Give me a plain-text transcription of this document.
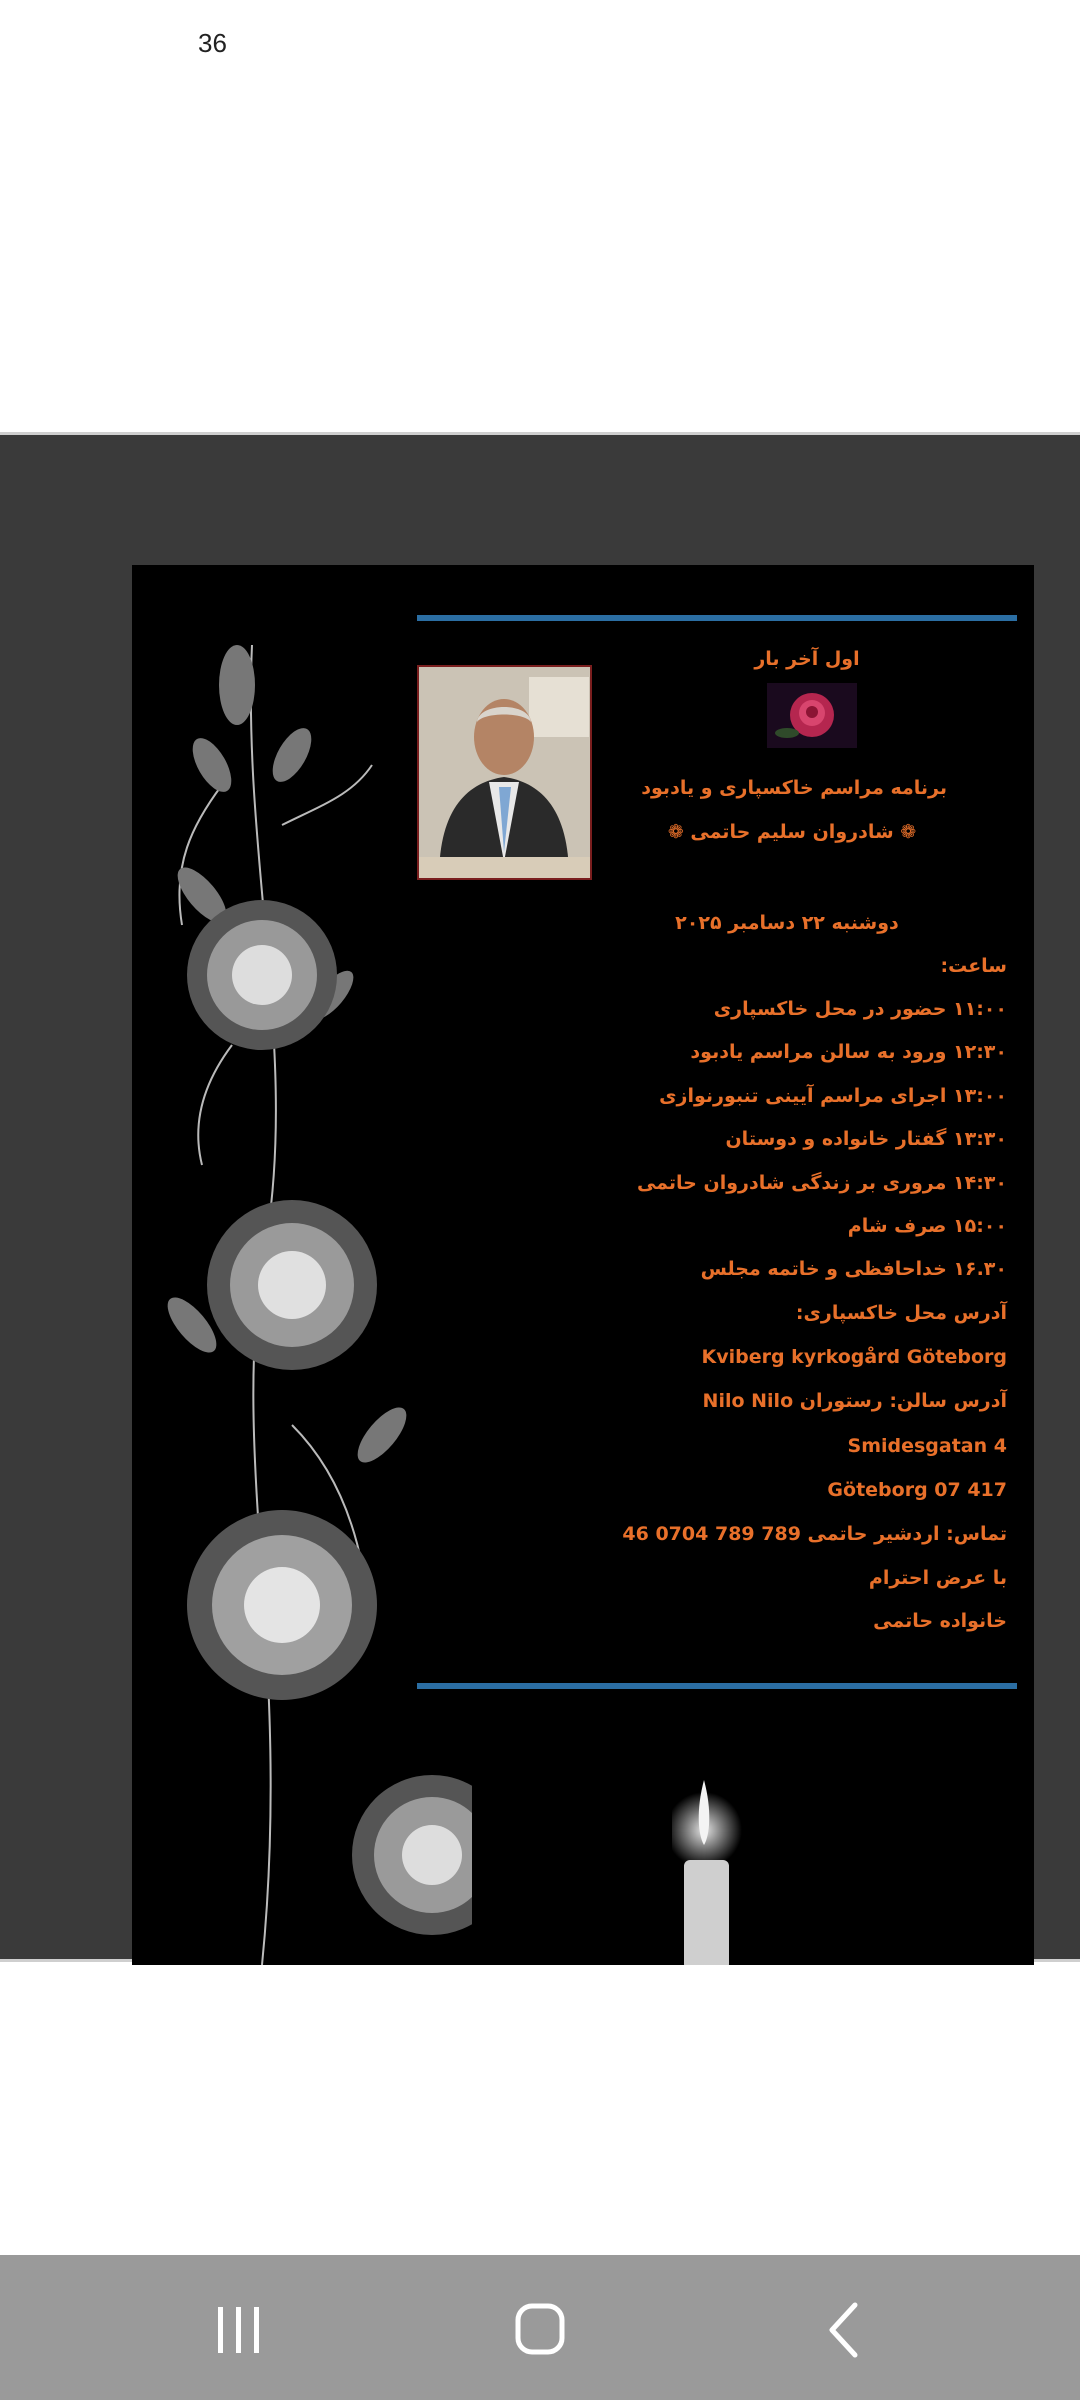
36
اول آخر بار
برنامه مراسم خاکسپاری و یادبود
❁ شادروان سلیم حاتمی ❁
دوشنبه ۲۲ دسامبر ۲۰۲۵
ساعت:
۱۱:۰۰ حضور در محل خاکسپاری
۱۲:۳۰ ورود به سالن مراسم یادبود
۱۳:۰۰ اجرای مراسم آیینی تنبورنوازی
۱۳:۳۰ گفتار خانواده و دوستان
۱۴:۳۰ مروری بر زندگی شادروان حاتمی
۱۵:۰۰ صرف شام
۱۶.۳۰ خداحافظی و خاتمه مجلس
آدرس محل خاکسپاری:
Kviberg kyrkogård Göteborg
آدرس سالن: رستوران Nilo Nilo
Smidesgatan 4
Göteborg 07 417
تماس: اردشیر حاتمی 789 789 0704 46
با عرض احترام
خانواده حاتمی
